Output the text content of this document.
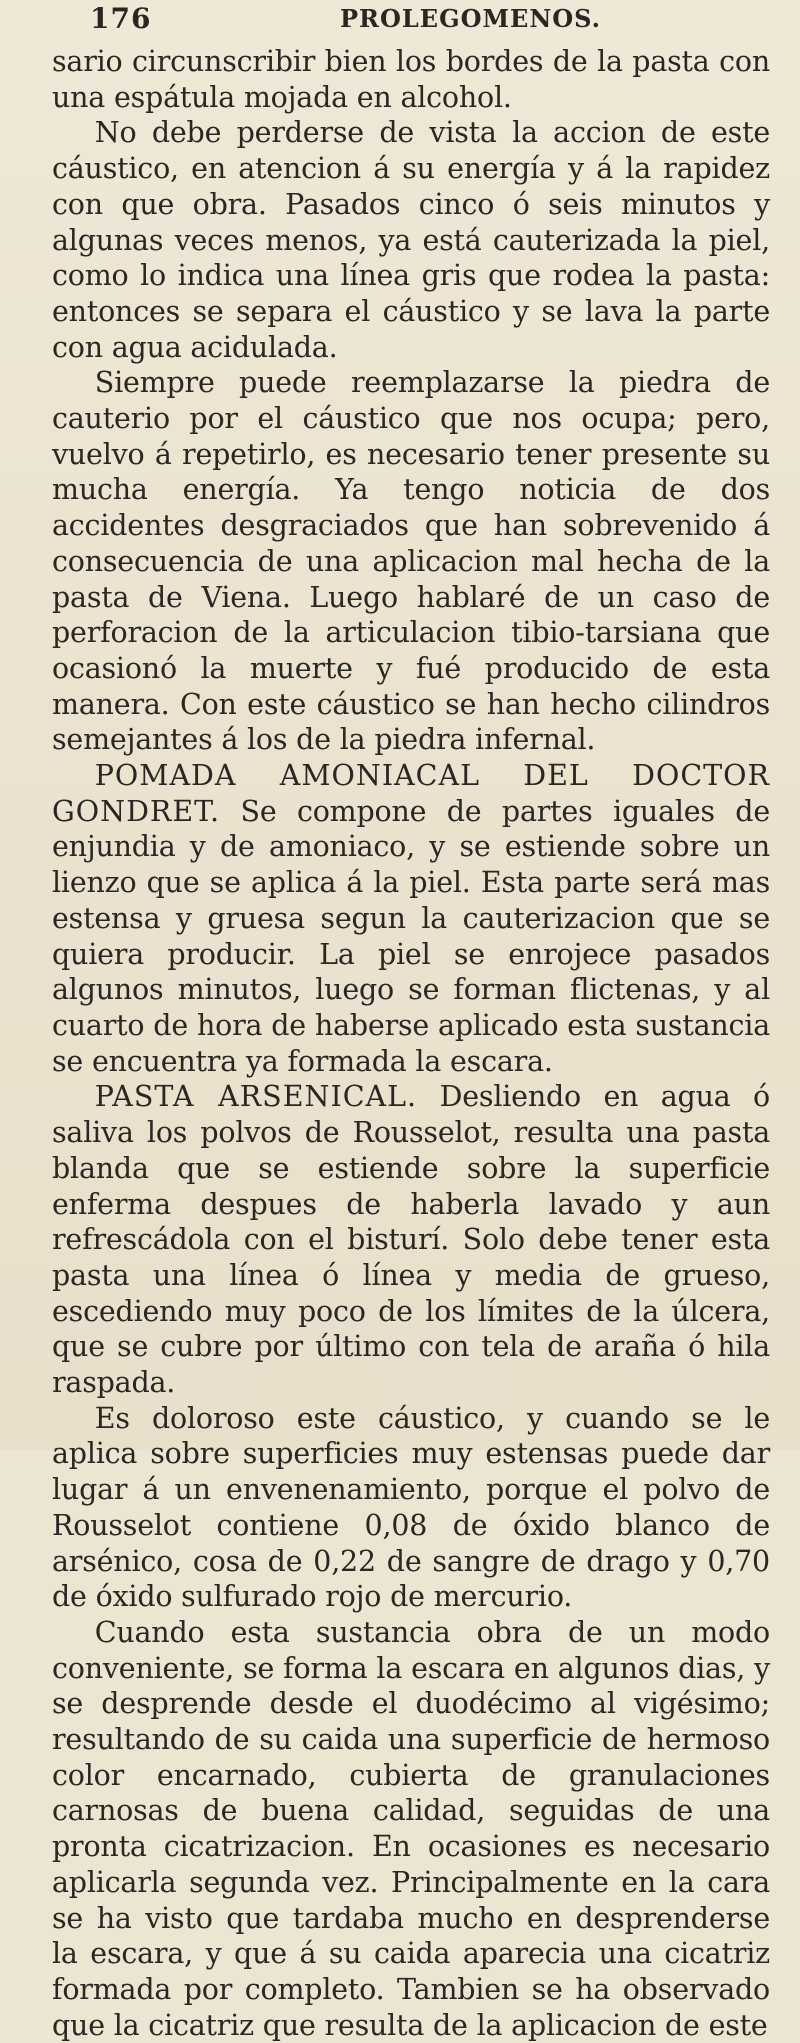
176	PROLEGOMENOS.

sario circunscribir bien los bordes de la pasta con una espátula mojada en alcohol.

No debe perderse de vista la accion de este cáustico, en atencion á su energía y á la rapidez con que obra. Pasados cinco ó seis minutos y algunas veces menos, ya está cauterizada la piel, como lo indica una línea gris que rodea la pasta: entonces se separa el cáustico y se lava la parte con agua acidulada.

Siempre puede reemplazarse la piedra de cauterio por el cáustico que nos ocupa; pero, vuelvo á repetirlo, es necesario tener presente su mucha energía. Ya tengo noticia de dos accidentes desgraciados que han sobrevenido á consecuencia de una aplicacion mal hecha de la pasta de Viena. Luego hablaré de un caso de perforacion de la articulacion tibio-tarsiana que ocasionó la muerte y fué producido de esta manera. Con este cáustico se han hecho cilindros semejantes á los de la piedra infernal.

POMADA AMONIACAL DEL DOCTOR GONDRET. Se compone de partes iguales de enjundia y de amoniaco, y se estiende sobre un lienzo que se aplica á la piel. Esta parte será mas estensa y gruesa segun la cauterizacion que se quiera producir. La piel se enrojece pasados algunos minutos, luego se forman flictenas, y al cuarto de hora de haberse aplicado esta sustancia se encuentra ya formada la escara.

PASTA ARSENICAL. Desliendo en agua ó saliva los polvos de Rousselot, resulta una pasta blanda que se estiende sobre la superficie enferma despues de haberla lavado y aun refrescádola con el bisturí. Solo debe tener esta pasta una línea ó línea y media de grueso, escediendo muy poco de los límites de la úlcera, que se cubre por último con tela de araña ó hila raspada.

Es doloroso este cáustico, y cuando se le aplica sobre superficies muy estensas puede dar lugar á un envenenamiento, porque el polvo de Rousselot contiene 0,08 de óxido blanco de arsénico, cosa de 0,22 de sangre de drago y 0,70 de óxido sulfurado rojo de mercurio.

Cuando esta sustancia obra de un modo conveniente, se forma la escara en algunos dias, y se desprende desde el duodécimo al vigésimo; resultando de su caida una superficie de hermoso color encarnado, cubierta de granulaciones carnosas de buena calidad, seguidas de una pronta cicatrizacion. En ocasiones es necesario aplicarla segunda vez. Principalmente en la cara se ha visto que tardaba mucho en desprenderse la escara, y que á su caida aparecia una cicatriz formada por completo. Tambien se ha observado que la cicatriz que resulta de la aplicacion de este
